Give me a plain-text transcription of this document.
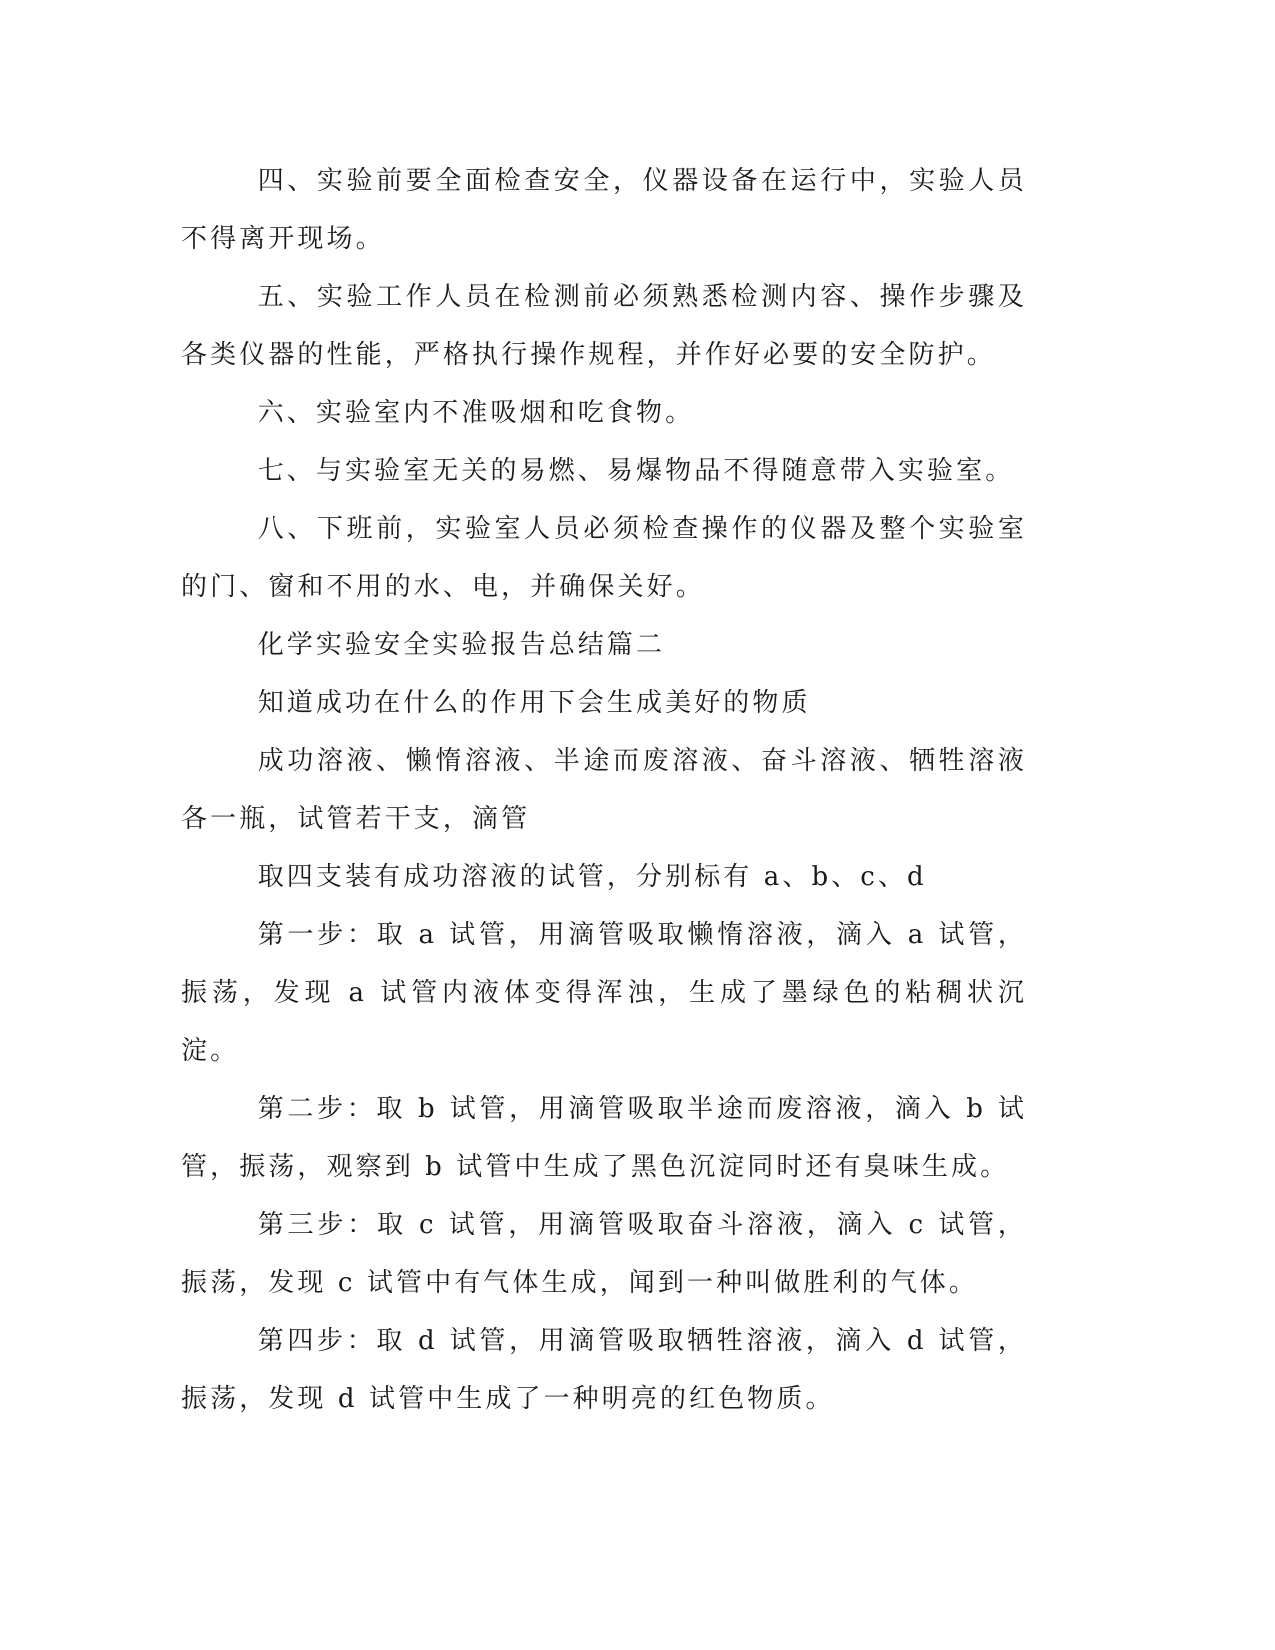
四、实验前要全面检查安全，仪器设备在运行中，实验人员不得离开现场。

五、实验工作人员在检测前必须熟悉检测内容、操作步骤及各类仪器的性能，严格执行操作规程，并作好必要的安全防护。

六、实验室内不准吸烟和吃食物。

七、与实验室无关的易燃、易爆物品不得随意带入实验室。

八、下班前，实验室人员必须检查操作的仪器及整个实验室的门、窗和不用的水、电，并确保关好。

化学实验安全实验报告总结篇二

知道成功在什么的作用下会生成美好的物质

成功溶液、懒惰溶液、半途而废溶液、奋斗溶液、牺牲溶液各一瓶，试管若干支，滴管

取四支装有成功溶液的试管，分别标有 a、b、c、d

第一步：取 a 试管，用滴管吸取懒惰溶液，滴入 a 试管，振荡，发现 a 试管内液体变得浑浊，生成了墨绿色的粘稠状沉淀。

第二步：取 b 试管，用滴管吸取半途而废溶液，滴入 b 试管，振荡，观察到 b 试管中生成了黑色沉淀同时还有臭味生成。

第三步：取 c 试管，用滴管吸取奋斗溶液，滴入 c 试管，振荡，发现 c 试管中有气体生成，闻到一种叫做胜利的气体。

第四步：取 d 试管，用滴管吸取牺牲溶液，滴入 d 试管，振荡，发现 d 试管中生成了一种明亮的红色物质。
